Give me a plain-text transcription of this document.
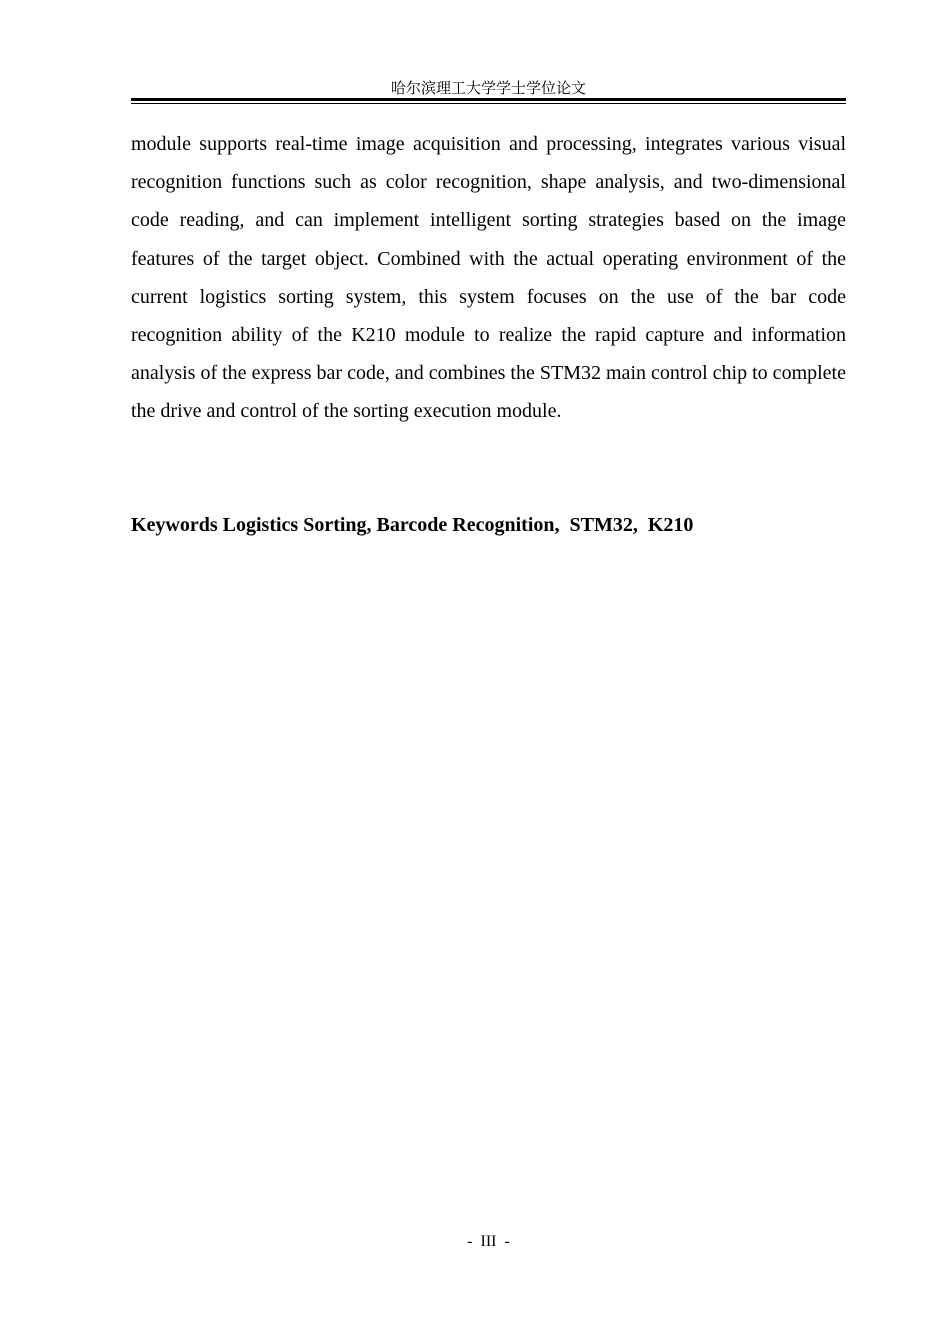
哈尔滨理工大学学士学位论文

module supports real-time image acquisition and processing, integrates various visual recognition functions such as color recognition, shape analysis, and two-dimensional code reading, and can implement intelligent sorting strategies based on the image features of the target object. Combined with the actual operating environment of the current logistics sorting system, this system focuses on the use of the bar code recognition ability of the K210 module to realize the rapid capture and information analysis of the express bar code, and combines the STM32 main control chip to complete the drive and control of the sorting execution module.

Keywords Logistics Sorting, Barcode Recognition,  STM32,  K210

-  III  -
